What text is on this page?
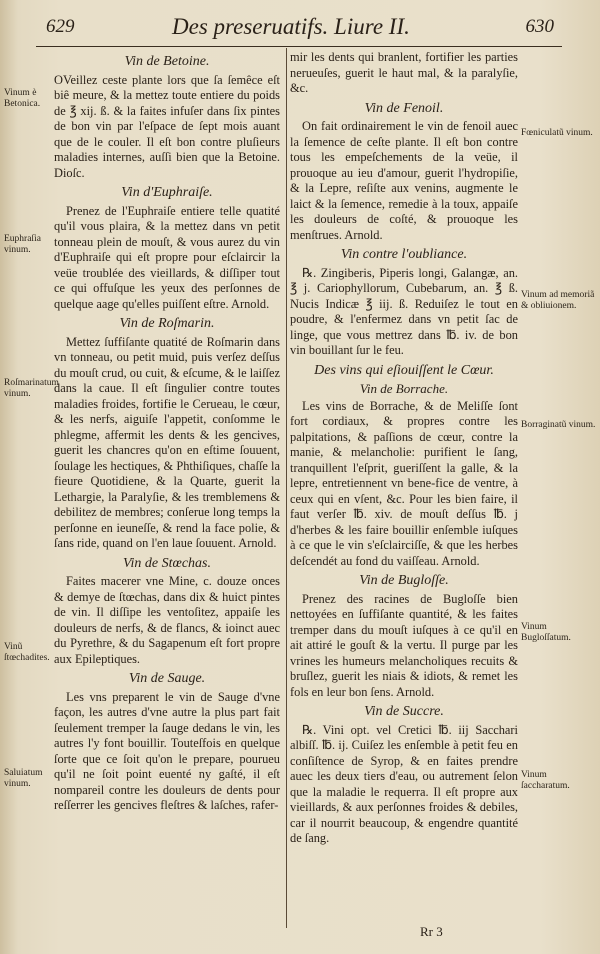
629	Des preseruatifs. Liure II.	630
Vinum è Betonica.
Euphraſia vinum.
Roſmarinatum vinum.
Vinũ ſtœchadites.
Saluiatum vinum.
Fœniculatũ vinum.
Vinum ad memoriã & obliuionem.
Borraginatũ vinum.
Vinum Bugloſſatum.
Vinum ſaccharatum.
Vin de Betoine.

OVeillez ceste plante lors que ſa ſemêce eſt biê meure, & la mettez toute entiere du poids de ℥ xij. ß. & la faites infuſer dans ſix pintes de bon vin par l'eſpace de ſept mois auant que de le couler. Il eſt bon contre pluſieurs maladies internes, auſſi bien que la Betoine. Dioſc.

Vin d'Euphraiſe.

Prenez de l'Euphraiſe entiere telle quatité qu'il vous plaira, & la mettez dans vn petit tonneau plein de mouſt, & vous aurez du vin d'Euphraiſe qui eſt propre pour eſclaircir la veüe troublée des vieillards, & diſſiper tout ce qui offuſque les yeux des perſonnes de quelque aage qu'elles puiſſent eſtre. Arnold.

Vin de Roſmarin.

Mettez ſuffiſante quatité de Roſmarin dans vn tonneau, ou petit muid, puis verſez deſſus du mouſt crud, ou cuit, & eſcume, & le laiſſez dans la caue. Il eſt ſingulier contre toutes maladies froides, fortifie le Cerueau, le cœur, & les nerfs, aiguiſe l'appetit, conſomme le phlegme, affermit les dents & les gencives, guerit les chancres qu'on en eſtime ſouuent, ſoulage les hectiques, & Phthiſiques, chaſſe la fieure Quotidiene, & la Quarte, guerit la Lethargie, la Paralyſie, & les tremblemens & debilitez de membres; conſerue long temps la perſonne en ieuneſſe, & rend la face polie, & ſans ride, quand on l'en laue ſouuent. Arnold.

Vin de Stœchas.

Faites macerer vne Mine, c. douze onces & demye de ſtœchas, dans dix & huict pintes de vin. Il diſſipe les ventoſitez, appaiſe les douleurs de nerfs, & de flancs, & ioinct auec du Pyrethre, & du Sagapenum eſt fort propre aux Epileptiques.

Vin de Sauge.

Les vns preparent le vin de Sauge d'vne façon, les autres d'vne autre la plus part fait ſeulement tremper la ſauge dedans le vin, les autres l'y font bouillir. Touteſfois en quelque ſorte que ce ſoit qu'on le prepare, pourueu qu'il ne ſoit point euenté ny gaſté, il eſt nompareil contre les douleurs de dents pour reſſerrer les gencives fleſtres & laſches, rafer-

mir les dents qui branlent, fortifier les parties nerueuſes, guerit le haut mal, & la paralyſie, &c.

Vin de Fenoil.

On fait ordinairement le vin de fenoil auec la ſemence de ceſte plante. Il eſt bon contre tous les empeſchements de la veüe, il prouoque au ieu d'amour, guerit l'hydropiſie, & la Lepre, reſiſte aux venins, augmente le laict & la ſemence, remedie à la toux, appaiſe les douleurs de coſté, & prouoque les menſtrues. Arnold.

Vin contre l'oubliance.

℞. Zingiberis, Piperis longi, Galangæ, an. ℥ j. Cariophyllorum, Cubebarum, an. ℥ ß. Nucis Indicæ ℥ iij. ß. Reduiſez le tout en poudre, & l'enfermez dans vn petit ſac de linge, que vous mettrez dans ℔. iv. de bon vin bouillant ſur le feu.

Des vins qui eſiouiſſent le Cœur.
Vin de Borrache.

Les vins de Borrache, & de Meliſſe ſont fort cordiaux, & propres contre les palpitations, & paſſions de cœur, contre la manie, & melancholie: purifient le ſang, tranquillent l'eſprit, gueriſſent la galle, & la lepre, entretiennent vn bene-fice de ventre, à ceux qui en vſent, &c. Pour les bien faire, il faut verſer ℔. xiv. de mouſt deſſus ℔. j d'herbes & les faire bouillir enſemble iuſques à ce que le vin s'eſclairciſſe, & que les herbes deſcendét au fond du vaiſſeau. Arnold.

Vin de Bugloſſe.

Prenez des racines de Bugloſſe bien nettoyées en ſuffiſante quantité, & les faites tremper dans du mouſt iuſques à ce qu'il en ait attiré le gouſt & la vertu. Il purge par les vrines les humeurs melancholiques recuits & bruſlez, guerit les niais & idiots, & remet les fols en leur bon ſens. Arnold.

Vin de Succre.

℞. Vini opt. vel Cretici ℔. iij Sacchari albiſſ. ℔. ij. Cuiſez les enſemble à petit feu en conſiſtence de Syrop, & en faites prendre auec les deux tiers d'eau, ou autrement ſelon que la maladie le requerra. Il eſt propre aux vieillards, & aux perſonnes froides & debiles, car il nourrit beaucoup, & engendre quantité de ſang.

Rr 3
